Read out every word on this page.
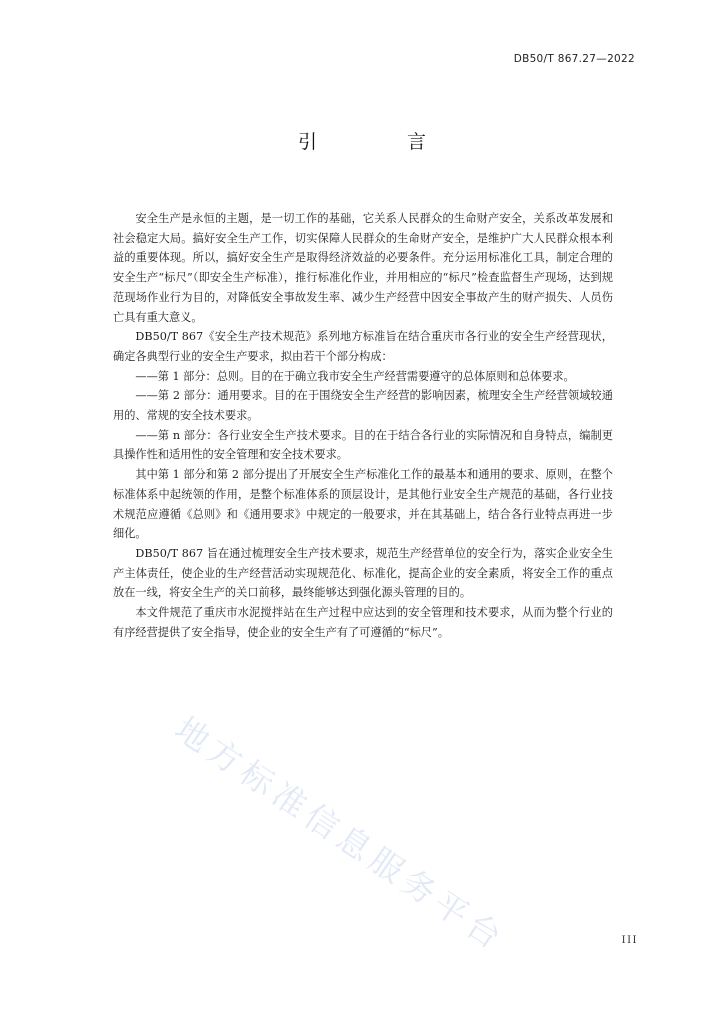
DB50/T 867.27—2022
引 言

安全生产是永恒的主题，是一切工作的基础，它关系人民群众的生命财产安全，关系改革发展和社会稳定大局。搞好安全生产工作，切实保障人民群众的生命财产安全，是维护广大人民群众根本利益的重要体现。所以，搞好安全生产是取得经济效益的必要条件。充分运用标准化工具，制定合理的安全生产“标尺”（即安全生产标准），推行标准化作业，并用相应的“标尺”检查监督生产现场，达到规范现场作业行为目的，对降低安全事故发生率、减少生产经营中因安全事故产生的财产损失、人员伤亡具有重大意义。

DB50/T 867《安全生产技术规范》系列地方标准旨在结合重庆市各行业的安全生产经营现状，确定各典型行业的安全生产要求，拟由若干个部分构成：

——第 1 部分：总则。目的在于确立我市安全生产经营需要遵守的总体原则和总体要求。

——第 2 部分：通用要求。目的在于围绕安全生产经营的影响因素，梳理安全生产经营领域较通用的、常规的安全技术要求。

——第 n 部分：各行业安全生产技术要求。目的在于结合各行业的实际情况和自身特点，编制更具操作性和适用性的安全管理和安全技术要求。

其中第 1 部分和第 2 部分提出了开展安全生产标准化工作的最基本和通用的要求、原则，在整个标准体系中起统领的作用，是整个标准体系的顶层设计，是其他行业安全生产规范的基础，各行业技术规范应遵循《总则》和《通用要求》中规定的一般要求，并在其基础上，结合各行业特点再进一步细化。

DB50/T 867 旨在通过梳理安全生产技术要求，规范生产经营单位的安全行为，落实企业安全生产主体责任，使企业的生产经营活动实现规范化、标准化，提高企业的安全素质，将安全工作的重点放在一线，将安全生产的关口前移，最终能够达到强化源头管理的目的。

本文件规范了重庆市水泥搅拌站在生产过程中应达到的安全管理和技术要求，从而为整个行业的有序经营提供了安全指导，使企业的安全生产有了可遵循的“标尺”。

地方标准信息服务平台	III
